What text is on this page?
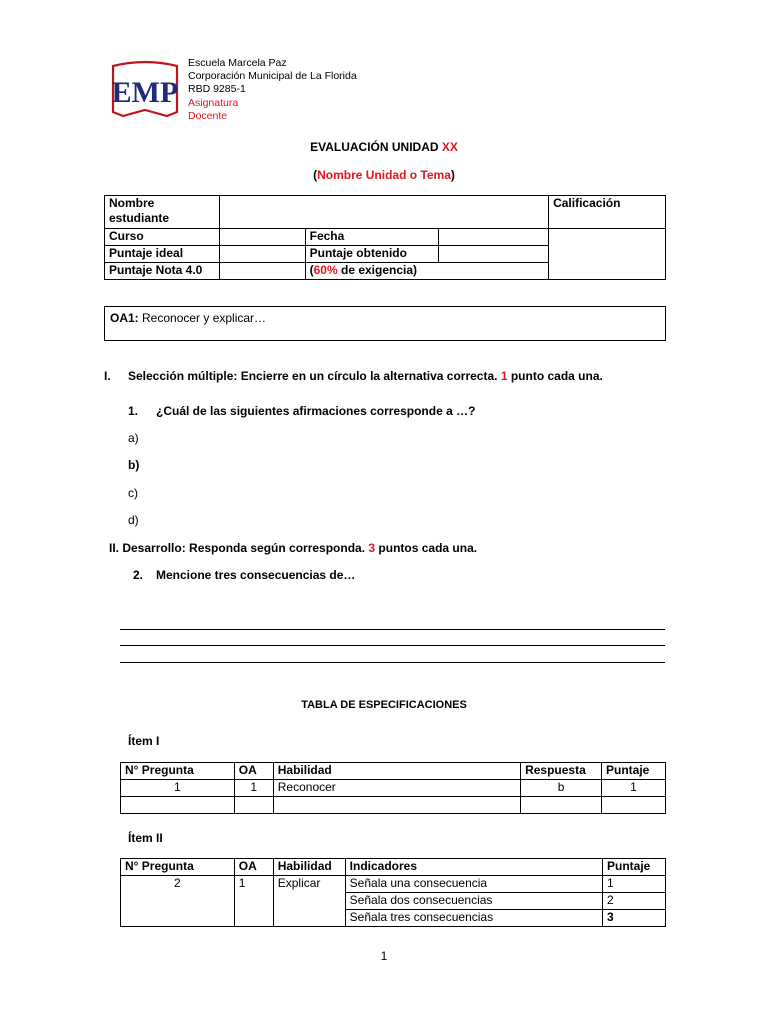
EMP
Escuela Marcela Paz
Corporación Municipal de La Florida
RBD 9285-1
Asignatura
Docente
EVALUACIÓN UNIDAD XX
(Nombre Unidad o Tema)
Nombre estudiante				Calificación
Curso		Fecha		
Puntaje ideal		Puntaje obtenido		
Puntaje Nota 4.0		(60% de exigencia)		
OA1: Reconocer y explicar…
I. Selección múltiple: Encierre en un círculo la alternativa correcta. 1 punto cada una.
1. ¿Cuál de las siguientes afirmaciones corresponde a …?
a)
b)
c)
d)
II. Desarrollo: Responda según corresponda. 3 puntos cada una.
2. Mencione tres consecuencias de…
TABLA DE ESPECIFICACIONES
Ítem I
N° Pregunta	OA	Habilidad	Respuesta	Puntaje
1	1	Reconocer	b	1

Ítem II
N° Pregunta	OA	Habilidad	Indicadores	Puntaje
2	1	Explicar	Señala una consecuencia	1
			Señala dos consecuencias	2
			Señala tres consecuencias	3
1
